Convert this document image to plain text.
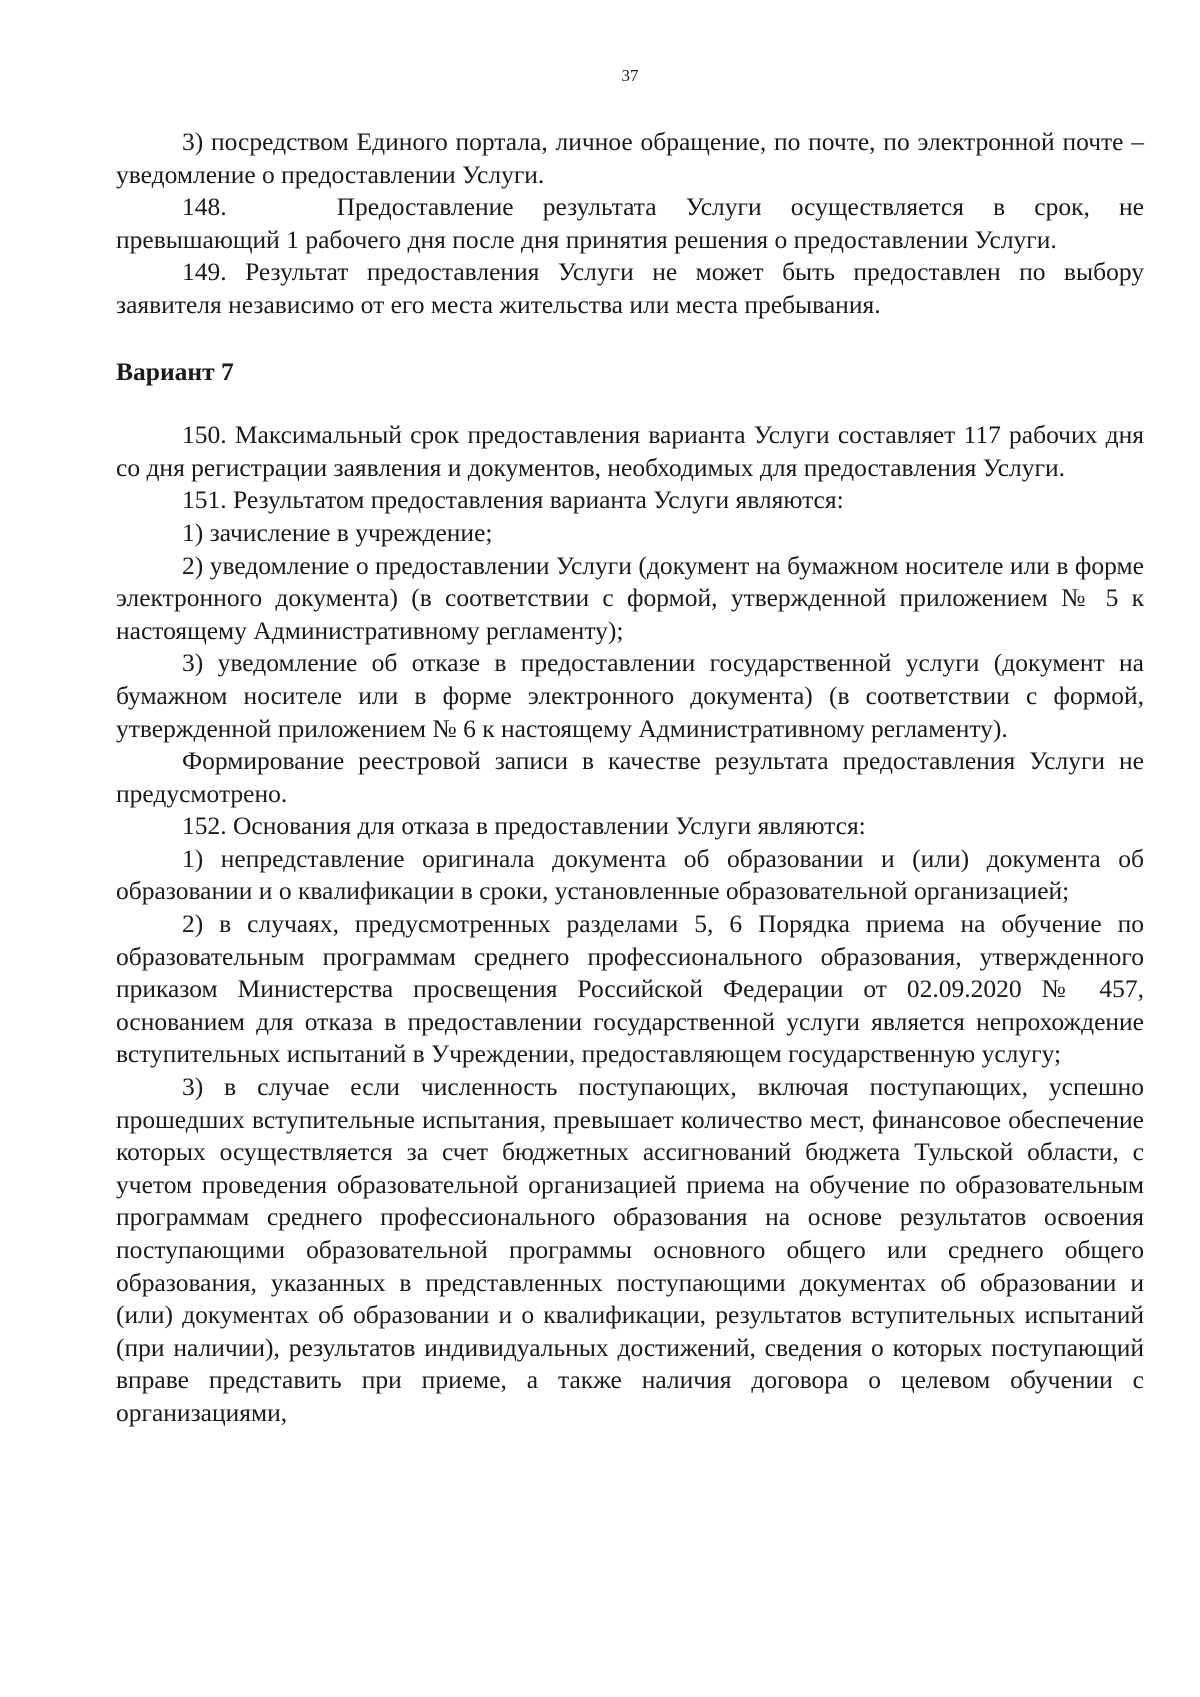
37

3) посредством Единого портала, личное обращение, по почте, по электронной почте – уведомление о предоставлении Услуги.

148.	Предоставление результата Услуги осуществляется в срок, не превышающий 1 рабочего дня после дня принятия решения о предоставлении Услуги.

149. Результат предоставления Услуги не может быть предоставлен по выбору заявителя независимо от его места жительства или места пребывания.

Вариант 7

150. Максимальный срок предоставления варианта Услуги составляет 117 рабочих дня со дня регистрации заявления и документов, необходимых для предоставления Услуги.

151. Результатом предоставления варианта Услуги являются:

1) зачисление в учреждение;

2) уведомление о предоставлении Услуги (документ на бумажном носителе или в форме электронного документа) (в соответствии с формой, утвержденной приложением № 5 к настоящему Административному регламенту);

3) уведомление об отказе в предоставлении государственной услуги (документ на бумажном носителе или в форме электронного документа) (в соответствии с формой, утвержденной приложением № 6 к настоящему Административному регламенту).

Формирование реестровой записи в качестве результата предоставления Услуги не предусмотрено.

152. Основания для отказа в предоставлении Услуги являются:

1) непредставление оригинала документа об образовании и (или) документа об образовании и о квалификации в сроки, установленные образовательной организацией;

2) в случаях, предусмотренных разделами 5, 6 Порядка приема на обучение по образовательным программам среднего профессионального образования, утвержденного приказом Министерства просвещения Российской Федерации от 02.09.2020 № 457, основанием для отказа в предоставлении государственной услуги является непрохождение вступительных испытаний в Учреждении, предоставляющем государственную услугу;

3) в случае если численность поступающих, включая поступающих, успешно прошедших вступительные испытания, превышает количество мест, финансовое обеспечение которых осуществляется за счет бюджетных ассигнований бюджета Тульской области, с учетом проведения образовательной организацией приема на обучение по образовательным программам среднего профессионального образования на основе результатов освоения поступающими образовательной программы основного общего или среднего общего образования, указанных в представленных поступающими документах об образовании и (или) документах об образовании и о квалификации, результатов вступительных испытаний (при наличии), результатов индивидуальных достижений, сведения о которых поступающий вправе представить при приеме, а также наличия договора о целевом обучении с организациями,
